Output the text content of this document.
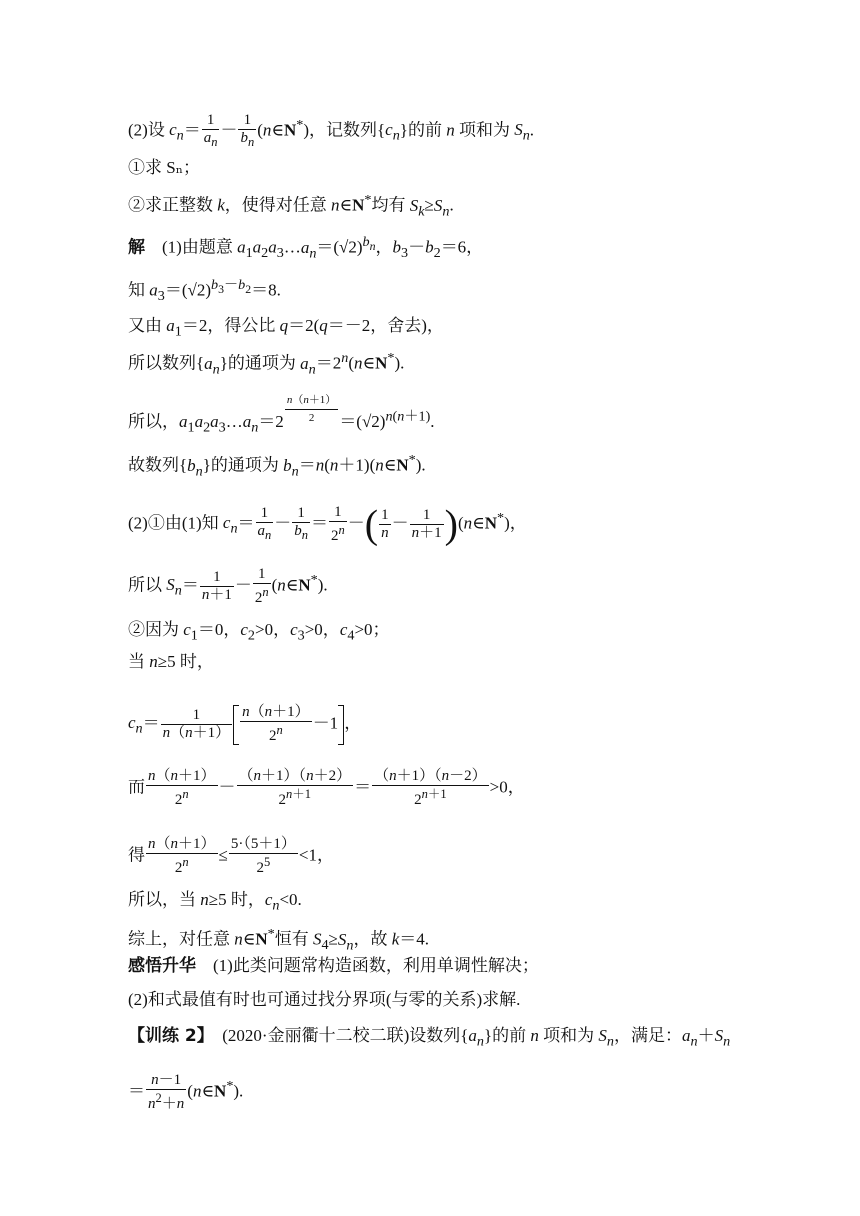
(2)设 $c_n= \frac{1}{a_n} - \frac{1}{b_n}$ (n∈N*)，记数列$\{c_n\}$的前 n 项和为 $S_n$.
①求 Sₙ；
②求正整数 k，使得对任意 n∈N*均有 $S_k\ge S_n$.
解　(1)由题意 $a_1a_2a_3\dots a_n=(√2)^{b_n}$，$b_3-b_2=6$，
知 $a_3=(√2)^{b_3-b_2}=8$.
又由 $a_1=2$，得公比 q＝2(q＝－2，舍去)，
所以数列$\{a_n\}$的通项为 $a_n=2^n(n\in N^*)$.
所以，$a_1a_2a_3\dots a_n=2 \frac{n(n+1)}{2} =(√2)^{n(n+1)}$.
故数列$\{b_n\}$的通项为 $b_n=n(n+1)(n\in N^*)$.
(2)①由(1)知 $c_n= \frac{1}{a_n} - \frac{1}{b_n} = \frac{1}{2^n}$ －( $\frac{1}{n} - \frac{1}{n+1}$ )(n∈N*)，
所以 $S_n= \frac{1}{n+1} - \frac{1}{2^n}$ (n∈N*).
②因为 $c_1=0$，$c_2>0$，$c_3>0$，$c_4>0$；
当 n≥5 时，
$c_n= \frac{1}{n(n+1)} \frac{n(n+1)}{2^n} -1$ ，
而 $\frac{n(n+1)}{2^n} - \frac{(n+1)(n+2)}{2^{n+1}} = \frac{(n+1)(n-2)}{2^{n+1}} >0$，
得 $\frac{n(n+1)}{2^n} \le \frac{5\cdot(5+1)}{2^5} <1$，
所以，当 n≥5 时，$c_n<0$.
综上，对任意 n∈N*恒有 $S_4\ge S_n$，故 k＝4.
感悟升华　 (1)此类问题常构造函数，利用单调性解决；
(2)和式最值有时也可通过找分界项(与零的关系)求解.
【训练 2】　(2020·金丽衢十二校二联)设数列$\{a_n\}$的前 n 项和为 $S_n$，满足：$a_n+S_n$
＝ $\frac{n-1}{n^2+n}$ (n∈N*).
